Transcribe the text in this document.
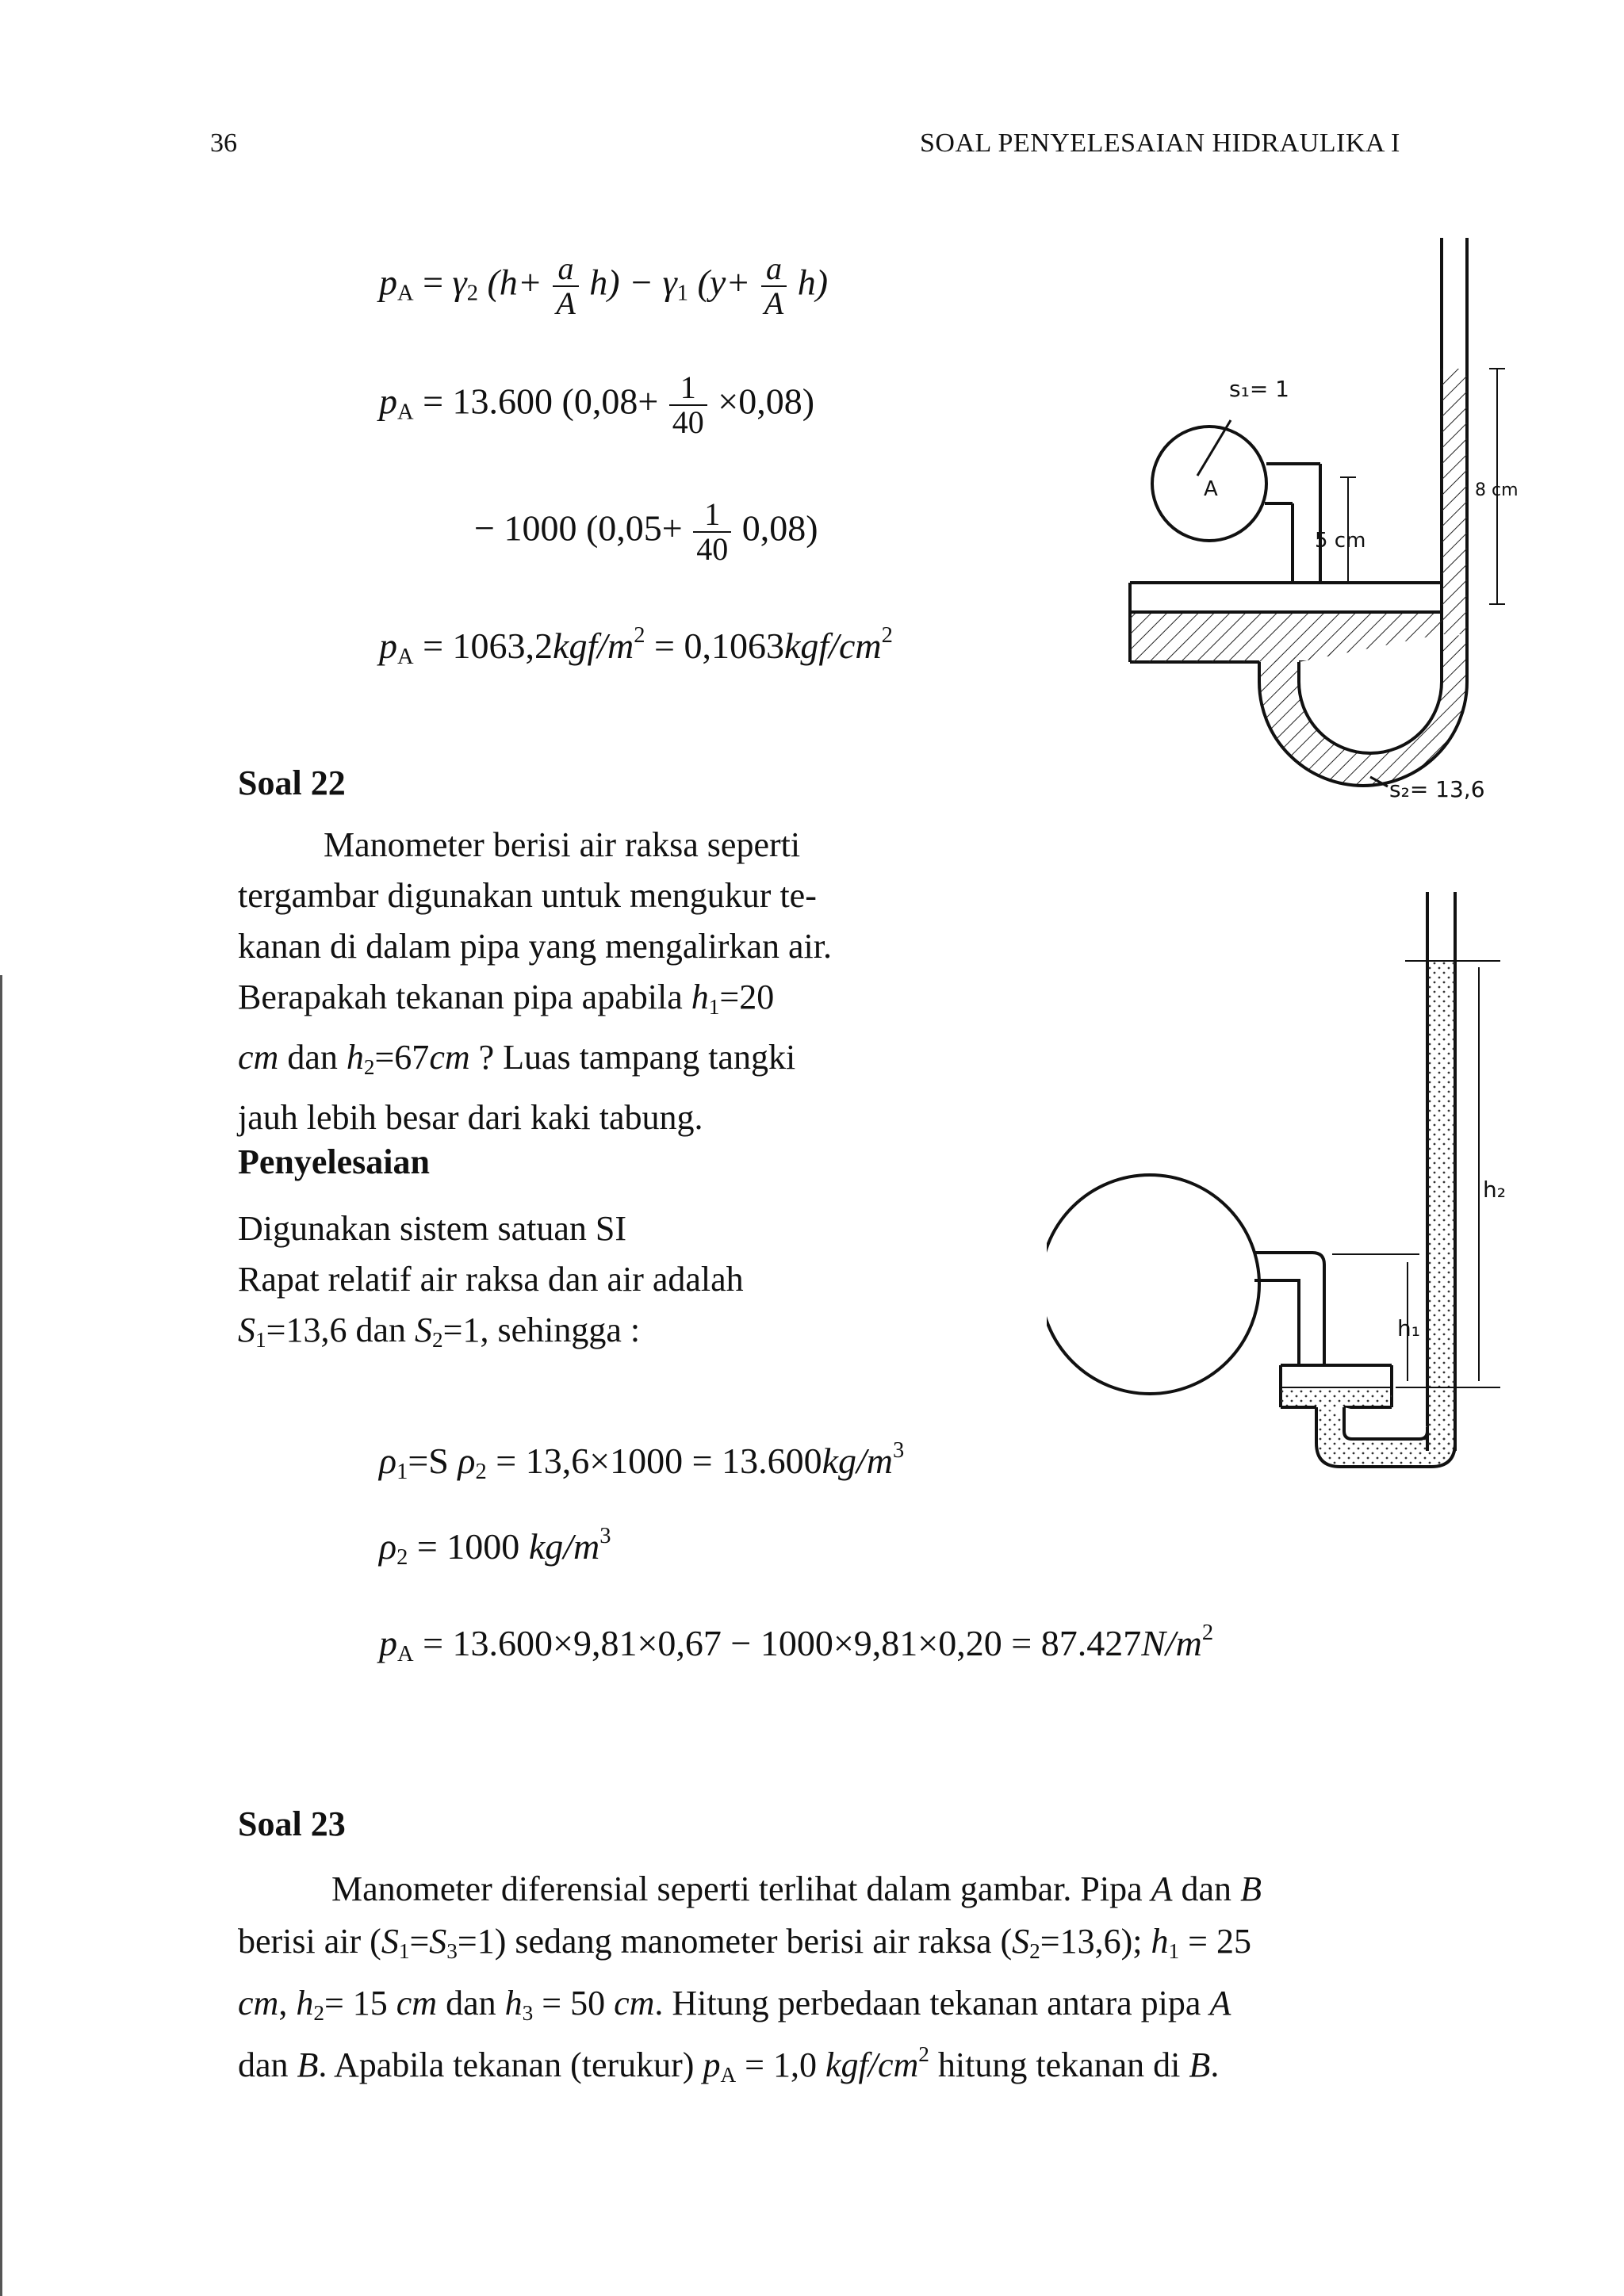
36	SOAL PENYELESAIAN HIDRAULIKA I
$p_A = \gamma_2$ $(h+ \frac{a}{A} h) - \gamma_1$ $(y+ \frac{a}{A} h)$
$p_A = 13.600$ $(0,08+ \frac{1}{40} \times 0,08)$
− 1000 $(0,05+ \frac{1}{40} 0,08)$
$p_A = 1063,2kgf/m^2 = 0,1063kgf/cm^2$
A
s₁= 1
5 cm
8 cm
s₂= 13,6
Soal 22
Manometer berisi air raksa seperti
tergambar digunakan untuk mengukur te-
kanan di dalam pipa yang mengalirkan air.
Berapakah tekanan pipa apabila $h_1=20$
cm dan $h_2=67cm$ ? Luas tampang tangki
jauh lebih besar dari kaki tabung.
Penyelesaian
Digunakan sistem satuan SI
Rapat relatif air raksa dan air adalah
$S_1=13,6$ dan $S_2=1$, sehingga :
h₂
h₁
$\rho_1=S$ $\rho_2 = 13,6\times 1000 = 13.600kg/m^3$
$\rho_2 = 1000$ $kg/m^3$
$p_A = 13.600\times 9,81\times 0,67 - 1000\times 9,81\times 0,20 = 87.427N/m^2$
Soal 23
Manometer diferensial seperti terlihat dalam gambar. Pipa A dan B
berisi air $(S_1=S_3=1)$ sedang manometer berisi air raksa $(S_2=13,6)$; $h_1 = 25$
cm, $h_2= 15$ cm dan $h_3 = 50$ cm. Hitung perbedaan tekanan antara pipa A
dan B. Apabila tekanan (terukur) $p_A = 1,0$ kgf/$cm^2$ hitung tekanan di B.
